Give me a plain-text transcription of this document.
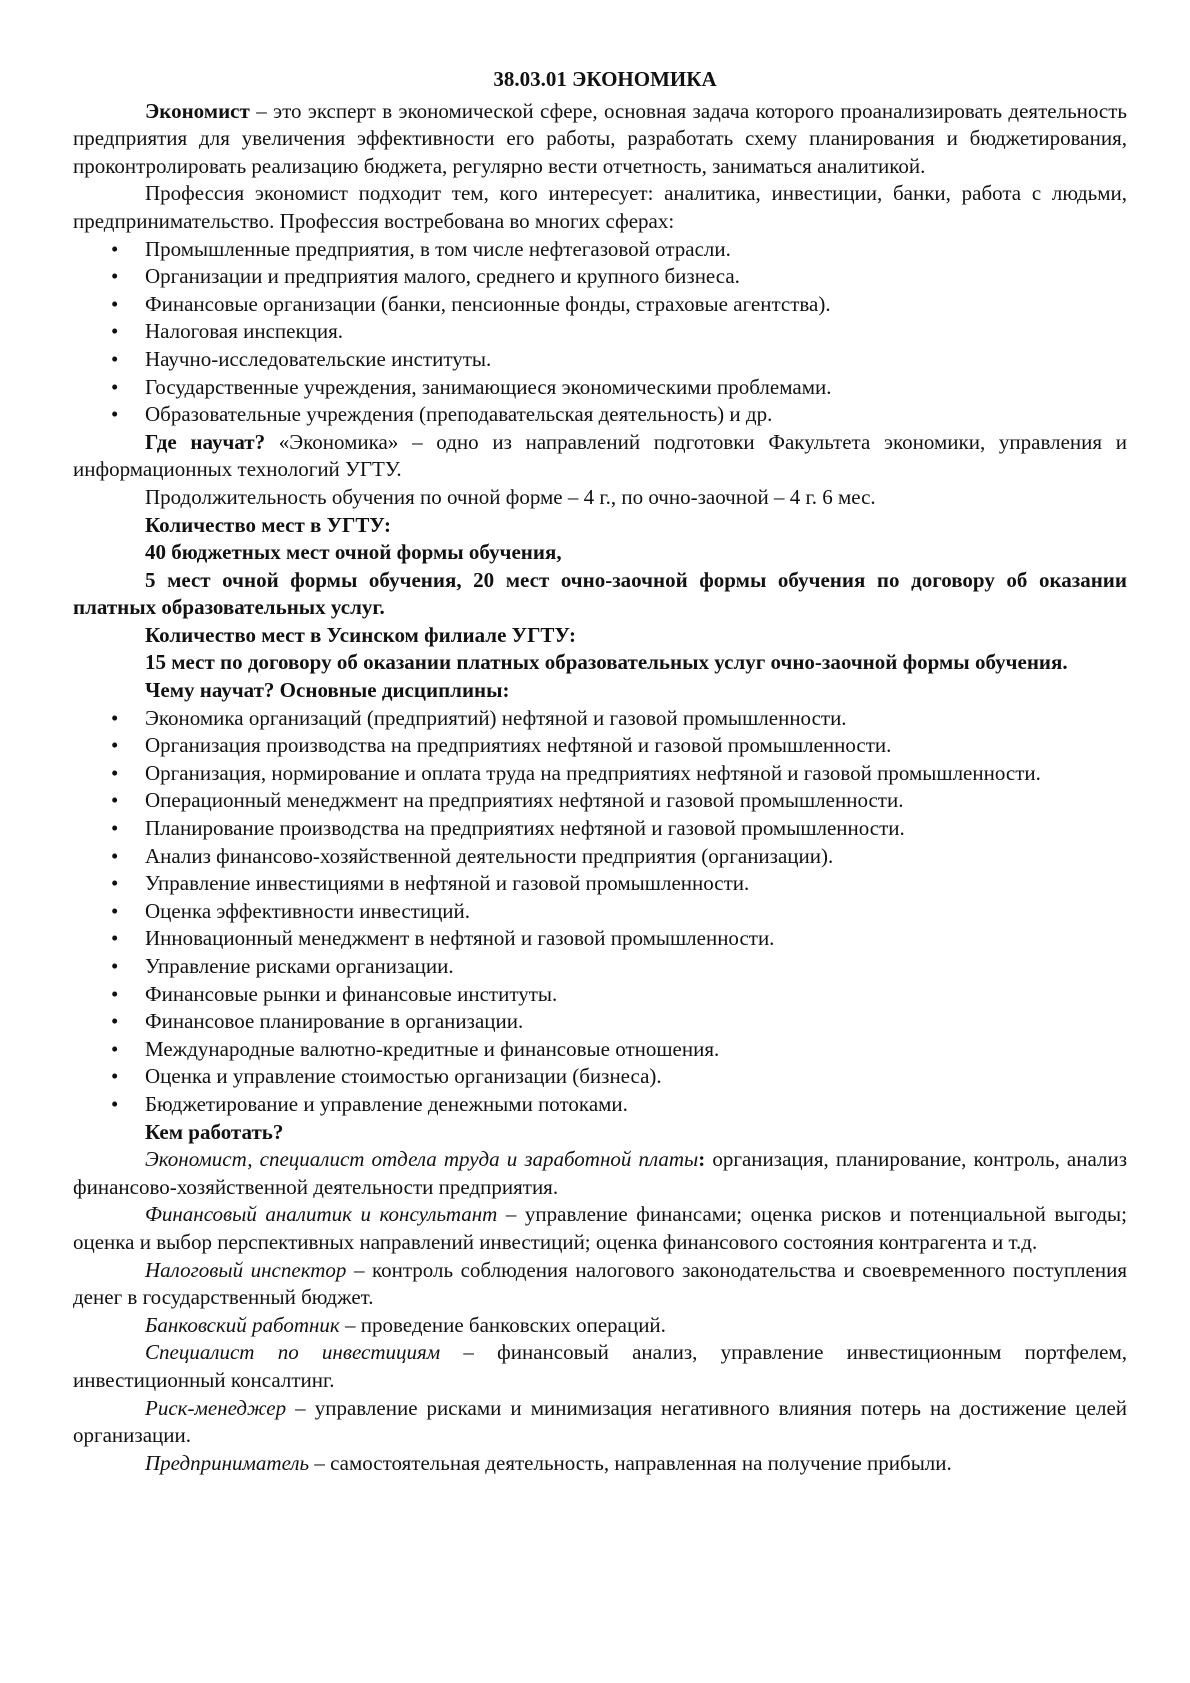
38.03.01 ЭКОНОМИКА

Экономист – это эксперт в экономической сфере, основная задача которого проанализировать деятельность предприятия для увеличения эффективности его работы, разработать схему планирования и бюджетирования, проконтролировать реализацию бюджета, регулярно вести отчетность, заниматься аналитикой.

Профессия экономист подходит тем, кого интересует: аналитика, инвестиции, банки, работа с людьми, предпринимательство. Профессия востребована во многих сферах:

• Промышленные предприятия, в том числе нефтегазовой отрасли.
• Организации и предприятия малого, среднего и крупного бизнеса.
• Финансовые организации (банки, пенсионные фонды, страховые агентства).
• Налоговая инспекция.
• Научно-исследовательские институты.
• Государственные учреждения, занимающиеся экономическими проблемами.
• Образовательные учреждения (преподавательская деятельность) и др.

Где научат? «Экономика» – одно из направлений подготовки Факультета экономики, управления и информационных технологий УГТУ.

Продолжительность обучения по очной форме – 4 г., по очно-заочной – 4 г. 6 мес.

Количество мест в УГТУ:

40 бюджетных мест очной формы обучения,

5 мест очной формы обучения, 20 мест очно-заочной формы обучения по договору об оказании платных образовательных услуг.

Количество мест в Усинском филиале УГТУ:

15 мест по договору об оказании платных образовательных услуг очно-заочной формы обучения.

Чему научат? Основные дисциплины:

• Экономика организаций (предприятий) нефтяной и газовой промышленности.
• Организация производства на предприятиях нефтяной и газовой промышленности.
• Организация, нормирование и оплата труда на предприятиях нефтяной и газовой промышленности.
• Операционный менеджмент на предприятиях нефтяной и газовой промышленности.
• Планирование производства на предприятиях нефтяной и газовой промышленности.
• Анализ финансово-хозяйственной деятельности предприятия (организации).
• Управление инвестициями в нефтяной и газовой промышленности.
• Оценка эффективности инвестиций.
• Инновационный менеджмент в нефтяной и газовой промышленности.
• Управление рисками организации.
• Финансовые рынки и финансовые институты.
• Финансовое планирование в организации.
• Международные валютно-кредитные и финансовые отношения.
• Оценка и управление стоимостью организации (бизнеса).
• Бюджетирование и управление денежными потоками.

Кем работать?

Экономист, специалист отдела труда и заработной платы: организация, планирование, контроль, анализ финансово-хозяйственной деятельности предприятия.

Финансовый аналитик и консультант – управление финансами; оценка рисков и потенциальной выгоды; оценка и выбор перспективных направлений инвестиций; оценка финансового состояния контрагента и т.д.

Налоговый инспектор – контроль соблюдения налогового законодательства и своевременного поступления денег в государственный бюджет.

Банковский работник – проведение банковских операций.

Специалист по инвестициям – финансовый анализ, управление инвестиционным портфелем, инвестиционный консалтинг.

Риск-менеджер – управление рисками и минимизация негативного влияния потерь на достижение целей организации.

Предприниматель – самостоятельная деятельность, направленная на получение прибыли.
